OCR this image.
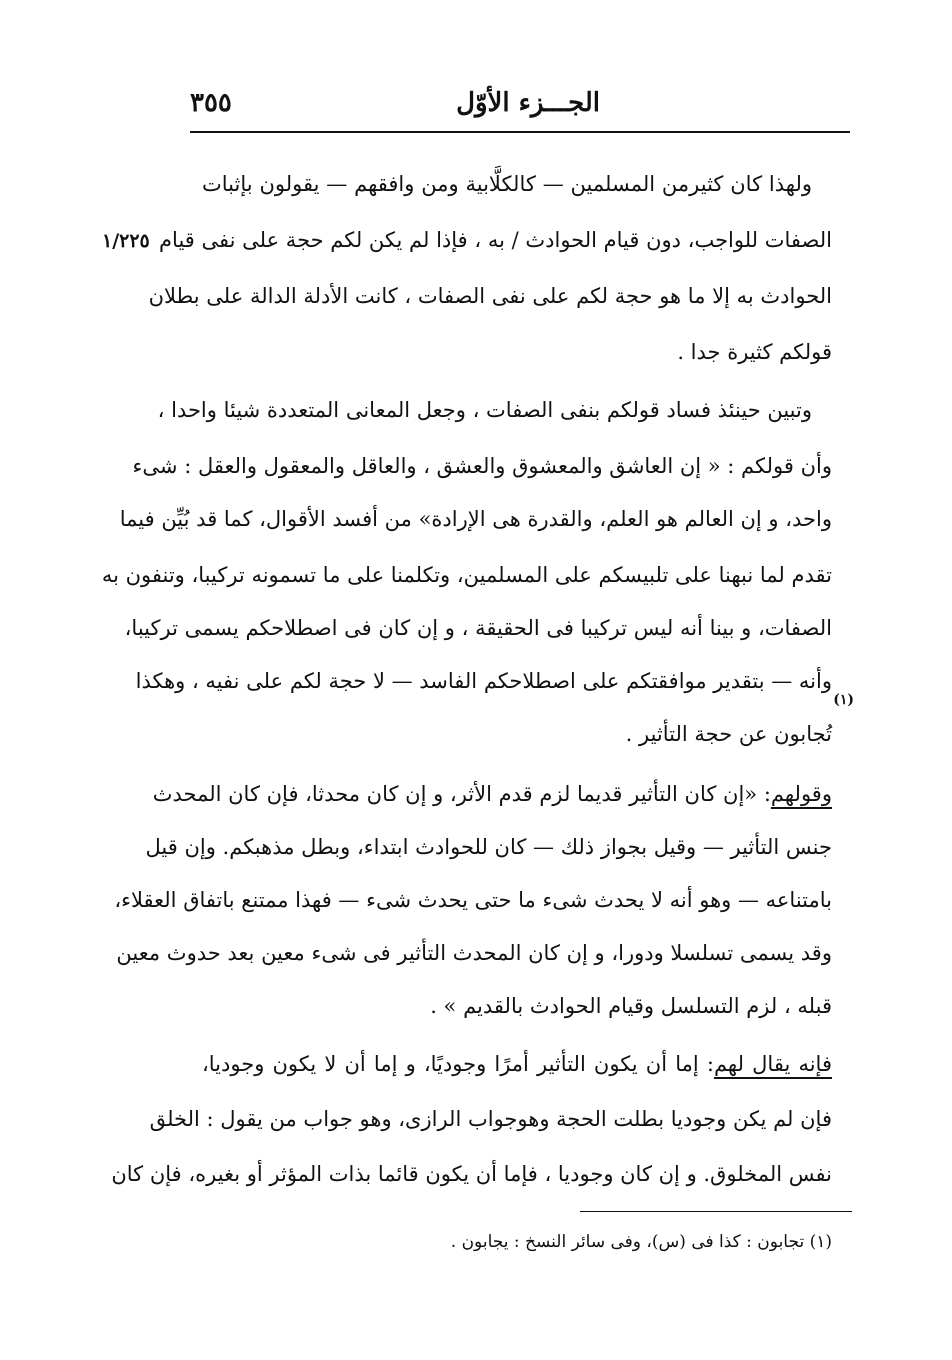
الجـــزء الأوّل
٣٥٥
١/٢٢٥
ولهذا كان كثيرمن المسلمين — كالكلَّابية ومن وافقهم — يقولون بإثبات
الصفات للواجب، دون قيام الحوادث / به ، فإذا لم يكن لكم حجة على نفى قيام
الحوادث به إلا ما هو حجة لكم على نفى الصفات ، كانت الأدلة الدالة على بطلان
قولكم كثيرة جدا .
وتبين حينئذ فساد قولكم بنفى الصفات ، وجعل المعانى المتعددة شيئا واحدا ،
وأن قولكم : « إن العاشق والمعشوق والعشق ، والعاقل والمعقول والعقل : شىء
واحد، و إن العالم هو العلم، والقدرة هى الإرادة» من أفسد الأقوال، كما قد بُيِّن فيما
تقدم لما نبهنا على تلبيسكم على المسلمين، وتكلمنا على ما تسمونه تركيبا، وتنفون به
الصفات، و بينا أنه ليس تركيبا فى الحقيقة ، و إن كان فى اصطلاحكم يسمى تركيبا،
وأنه — بتقدير موافقتكم على اصطلاحكم الفاسد — لا حجة لكم على نفيه ، وهكذا
(١)
تُجابون عن حجة التأثير .
وقولهم: «إن كان التأثير قديما لزم قدم الأثر، و إن كان محدثا، فإن كان المحدث
جنس التأثير — وقيل بجواز ذلك — كان للحوادث ابتداء، وبطل مذهبكم. وإن قيل
بامتناعه — وهو أنه لا يحدث شىء ما حتى يحدث شىء — فهذا ممتنع باتفاق العقلاء،
وقد يسمى تسلسلا ودورا، و إن كان المحدث التأثير فى شىء معين بعد حدوث معين
قبله ، لزم التسلسل وقيام الحوادث بالقديم » .
فإنه يقال لهم: إما أن يكون التأثير أمرًا وجوديًا، و إما أن لا يكون وجوديا،
فإن لم يكن وجوديا بطلت الحجة وهوجواب الرازى، وهو جواب من يقول : الخلق
نفس المخلوق. و إن كان وجوديا ، فإما أن يكون قائما بذات المؤثر أو بغيره، فإن كان
(١) تجابون : كذا فى (س)، وفى سائر النسخ : يجابون .
